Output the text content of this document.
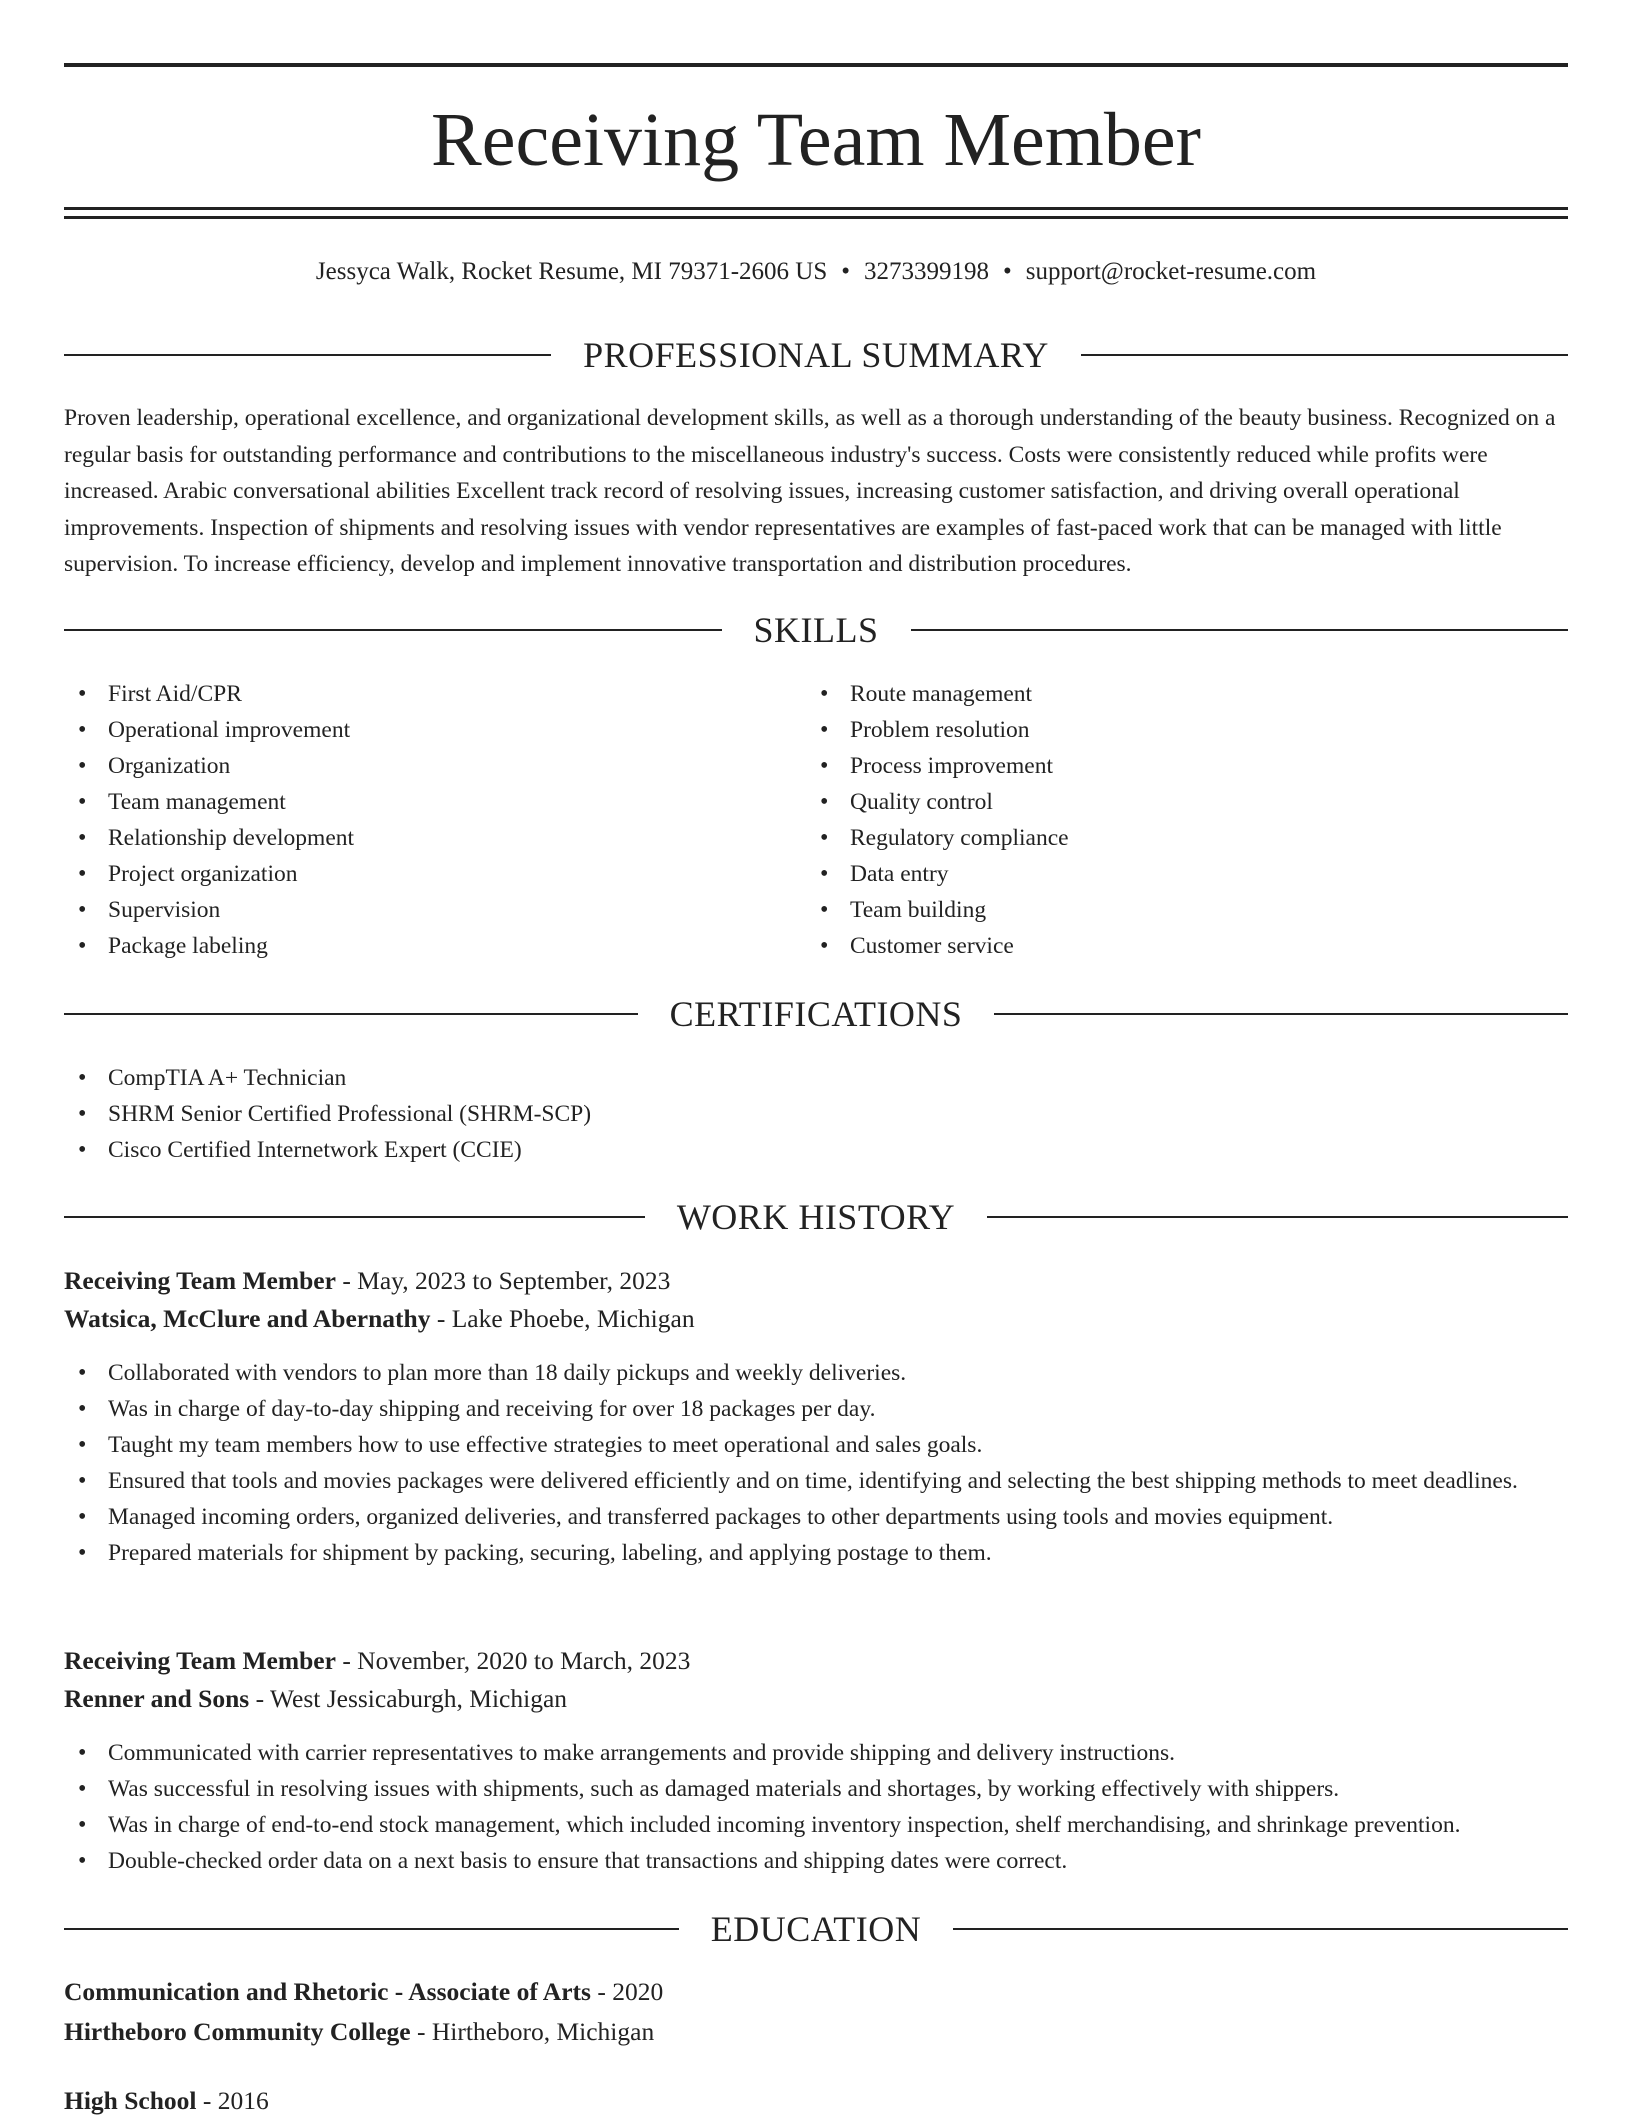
Receiving Team Member
Jessyca Walk, Rocket Resume, MI 79371-2606 US • 3273399198 • support@rocket-resume.com
PROFESSIONAL SUMMARY
Proven leadership, operational excellence, and organizational development skills, as well as a thorough understanding of the beauty business. Recognized on a regular basis for outstanding performance and contributions to the miscellaneous industry's success. Costs were consistently reduced while profits were increased. Arabic conversational abilities Excellent track record of resolving issues, increasing customer satisfaction, and driving overall operational improvements. Inspection of shipments and resolving issues with vendor representatives are examples of fast-paced work that can be managed with little supervision. To increase efficiency, develop and implement innovative transportation and distribution procedures.
SKILLS
• First Aid/CPR
• Operational improvement
• Organization
• Team management
• Relationship development
• Project organization
• Supervision
• Package labeling
• Route management
• Problem resolution
• Process improvement
• Quality control
• Regulatory compliance
• Data entry
• Team building
• Customer service
CERTIFICATIONS
• CompTIA A+ Technician
• SHRM Senior Certified Professional (SHRM-SCP)
• Cisco Certified Internetwork Expert (CCIE)
WORK HISTORY
Receiving Team Member - May, 2023 to September, 2023
Watsica, McClure and Abernathy - Lake Phoebe, Michigan
• Collaborated with vendors to plan more than 18 daily pickups and weekly deliveries.
• Was in charge of day-to-day shipping and receiving for over 18 packages per day.
• Taught my team members how to use effective strategies to meet operational and sales goals.
• Ensured that tools and movies packages were delivered efficiently and on time, identifying and selecting the best shipping methods to meet deadlines.
• Managed incoming orders, organized deliveries, and transferred packages to other departments using tools and movies equipment.
• Prepared materials for shipment by packing, securing, labeling, and applying postage to them.
Receiving Team Member - November, 2020 to March, 2023
Renner and Sons - West Jessicaburgh, Michigan
• Communicated with carrier representatives to make arrangements and provide shipping and delivery instructions.
• Was successful in resolving issues with shipments, such as damaged materials and shortages, by working effectively with shippers.
• Was in charge of end-to-end stock management, which included incoming inventory inspection, shelf merchandising, and shrinkage prevention.
• Double-checked order data on a next basis to ensure that transactions and shipping dates were correct.
EDUCATION
Communication and Rhetoric - Associate of Arts - 2020
Hirtheboro Community College - Hirtheboro, Michigan
High School - 2016
